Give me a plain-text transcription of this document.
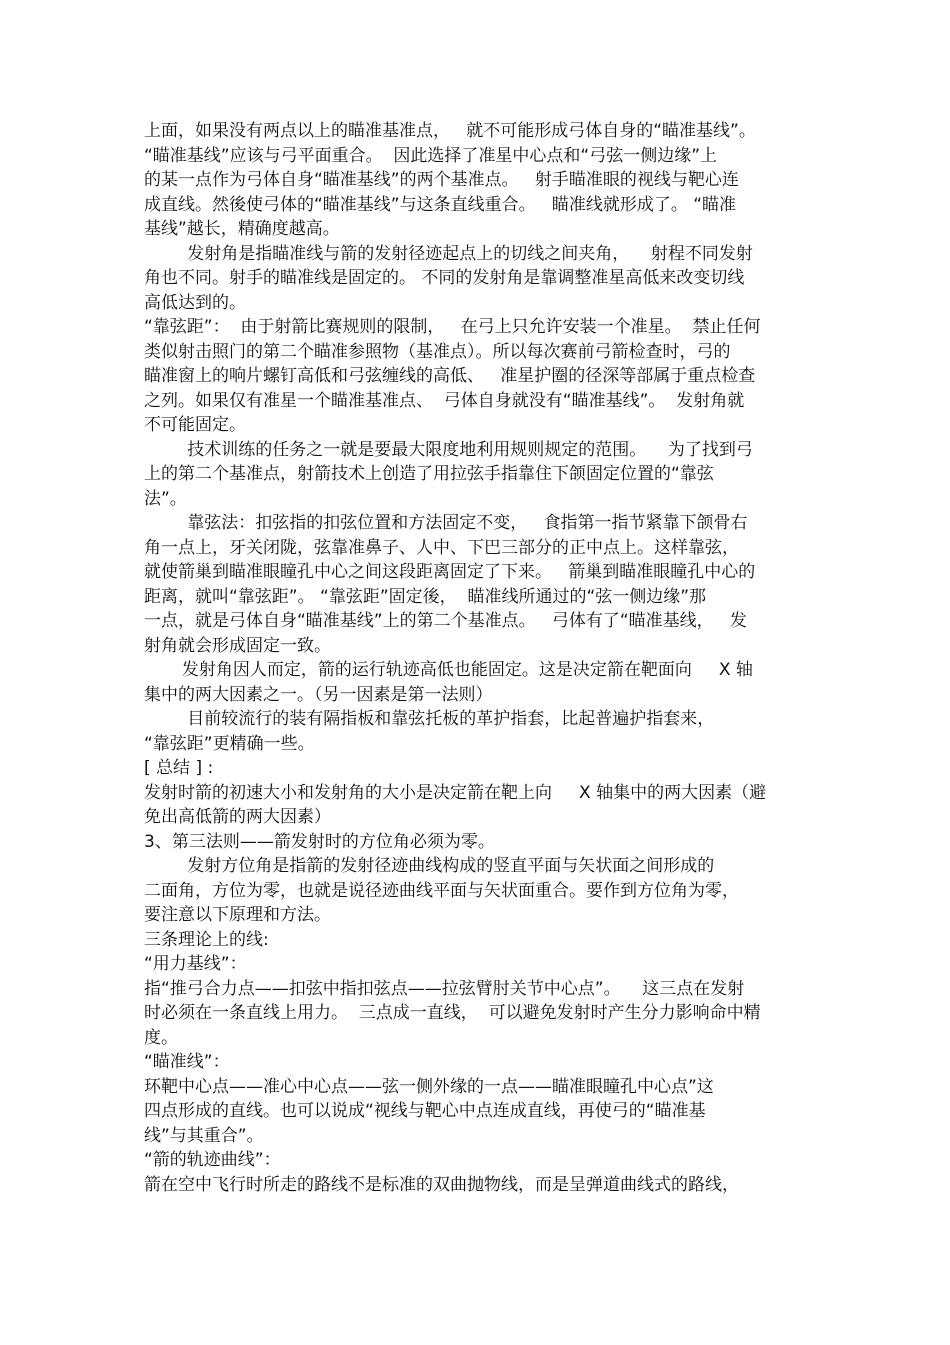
上面，如果没有两点以上的瞄准基准点，   就不可能形成弓体自身的“瞄准基线”。
“瞄准基线”应该与弓平面重合。  因此选择了准星中心点和“弓弦一侧边缘”上
的某一点作为弓体自身“瞄准基线”的两个基准点。   射手瞄准眼的视线与靶心连
成直线。然後使弓体的“瞄准基线”与这条直线重合。   瞄准线就形成了。 “瞄准
基线”越长，精确度越高。
发射角是指瞄准线与箭的发射径迹起点上的切线之间夹角，    射程不同发射
角也不同。射手的瞄准线是固定的。 不同的发射角是靠调整准星高低来改变切线
高低达到的。
“靠弦距”：  由于射箭比赛规则的限制，   在弓上只允许安装一个准星。  禁止任何
类似射击照门的第二个瞄准参照物（基准点）。所以每次赛前弓箭检查时，弓的
瞄准窗上的响片螺钉高低和弓弦缠线的高低、   准星护圈的径深等部属于重点检查
之列。如果仅有准星一个瞄准基准点、  弓体自身就没有“瞄准基线”。  发射角就
不可能固定。
技术训练的任务之一就是要最大限度地利用规则规定的范围。    为了找到弓
上的第二个基准点，射箭技术上创造了用拉弦手指靠住下颌固定位置的“靠弦
法”。
靠弦法：扣弦指的扣弦位置和方法固定不变，   食指第一指节紧靠下颌骨右
角一点上，牙关闭陇，弦靠准鼻子、人中、下巴三部分的正中点上。这样靠弦，
就使箭巢到瞄准眼瞳孔中心之间这段距离固定了下来。   箭巢到瞄准眼瞳孔中心的
距离，就叫“靠弦距”。 “靠弦距”固定後，  瞄准线所通过的“弦一侧边缘”那
一点，就是弓体自身“瞄准基线”上的第二个基准点。   弓体有了“瞄准基线，   发
射角就会形成固定一致。
发射角因人而定，箭的运行轨迹高低也能固定。这是决定箭在靶面向     X 轴
集中的两大因素之一。（另一因素是第一法则）
目前较流行的装有隔指板和靠弦托板的革护指套，比起普遍护指套来，
“靠弦距”更精确一些。
[ 总结 ] :
发射时箭的初速大小和发射角的大小是决定箭在靶上向     X 轴集中的两大因素（避
免出高低箭的两大因素）
3、第三法则——箭发射时的方位角必须为零。
发射方位角是指箭的发射径迹曲线构成的竖直平面与矢状面之间形成的
二面角，方位为零，也就是说径迹曲线平面与矢状面重合。要作到方位角为零，
要注意以下原理和方法。
三条理论上的线:
“用力基线”：
指“推弓合力点——扣弦中指扣弦点——拉弦臂肘关节中心点”。    这三点在发射
时必须在一条直线上用力。  三点成一直线，  可以避免发射时产生分力影响命中精
度。
“瞄准线”：
环靶中心点——准心中心点——弦一侧外缘的一点——瞄准眼瞳孔中心点”这
四点形成的直线。也可以说成“视线与靶心中点连成直线，再使弓的“瞄准基
线”与其重合”。
“箭的轨迹曲线”：
箭在空中飞行时所走的路线不是标准的双曲抛物线，而是呈弹道曲线式的路线，
